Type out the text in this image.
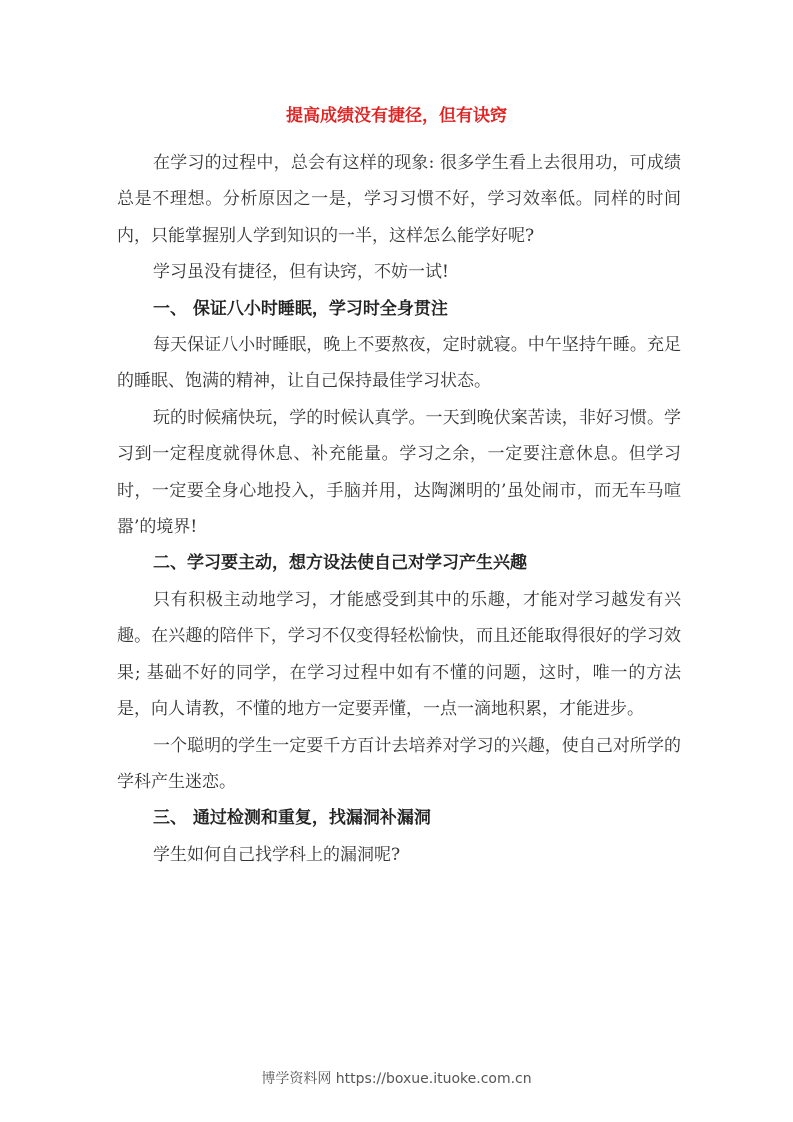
提高成绩没有捷径，但有诀窍

在学习的过程中，总会有这样的现象: 很多学生看上去很用功，可成绩总是不理想。分析原因之一是，学习习惯不好，学习效率低。同样的时间内，只能掌握别人学到知识的一半，这样怎么能学好呢?

学习虽没有捷径，但有诀窍，不妨一试!

一、 保证八小时睡眠，学习时全身贯注

每天保证八小时睡眠，晚上不要熬夜，定时就寝。中午坚持午睡。充足的睡眠、饱满的精神，让自己保持最佳学习状态。

玩的时候痛快玩，学的时候认真学。一天到晚伏案苦读，非好习惯。学习到一定程度就得休息、补充能量。学习之余，一定要注意休息。但学习时，一定要全身心地投入，手脑并用，达陶渊明的’虽处闹市，而无车马喧嚣’的境界!

二、学习要主动，想方设法使自己对学习产生兴趣

只有积极主动地学习，才能感受到其中的乐趣，才能对学习越发有兴趣。在兴趣的陪伴下，学习不仅变得轻松愉快，而且还能取得很好的学习效果; 基础不好的同学，在学习过程中如有不懂的问题，这时，唯一的方法是，向人请教，不懂的地方一定要弄懂，一点一滴地积累，才能进步。

一个聪明的学生一定要千方百计去培养对学习的兴趣，使自己对所学的学科产生迷恋。

三、 通过检测和重复，找漏洞补漏洞

学生如何自己找学科上的漏洞呢?

博学资料网 https://boxue.ituoke.com.cn
